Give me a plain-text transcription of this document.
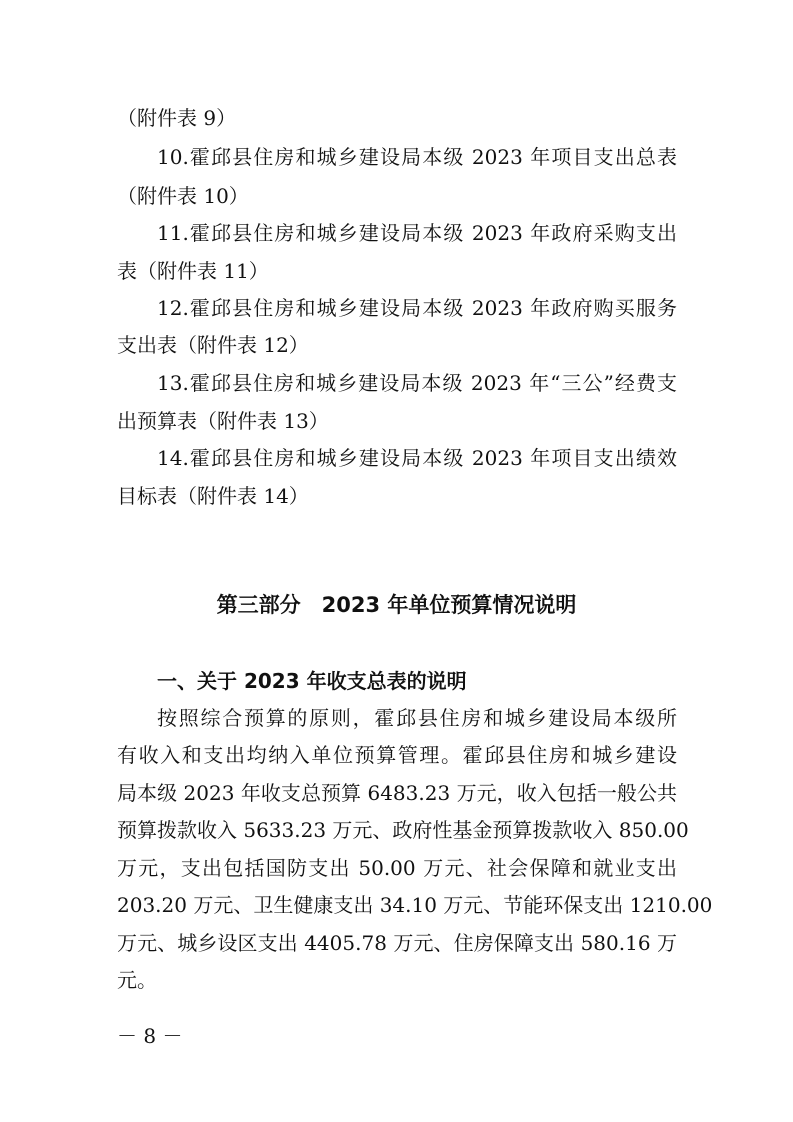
（附件表 9）
10.霍邱县住房和城乡建设局本级 2023 年项目支出总表
（附件表 10）
11.霍邱县住房和城乡建设局本级 2023 年政府采购支出
表（附件表 11）
12.霍邱县住房和城乡建设局本级 2023 年政府购买服务
支出表（附件表 12）
13.霍邱县住房和城乡建设局本级 2023 年“三公”经费支
出预算表（附件表 13）
14.霍邱县住房和城乡建设局本级 2023 年项目支出绩效
目标表（附件表 14）
第三部分　2023 年单位预算情况说明
一、关于 2023 年收支总表的说明
按照综合预算的原则，霍邱县住房和城乡建设局本级所
有收入和支出均纳入单位预算管理。霍邱县住房和城乡建设
局本级 2023 年收支总预算 6483.23 万元，收入包括一般公共
预算拨款收入 5633.23 万元、政府性基金预算拨款收入 850.00
万元，支出包括国防支出 50.00 万元、社会保障和就业支出
203.20 万元、卫生健康支出 34.10 万元、节能环保支出 1210.00
万元、城乡设区支出 4405.78 万元、住房保障支出 580.16 万
元。
－ 8 －
